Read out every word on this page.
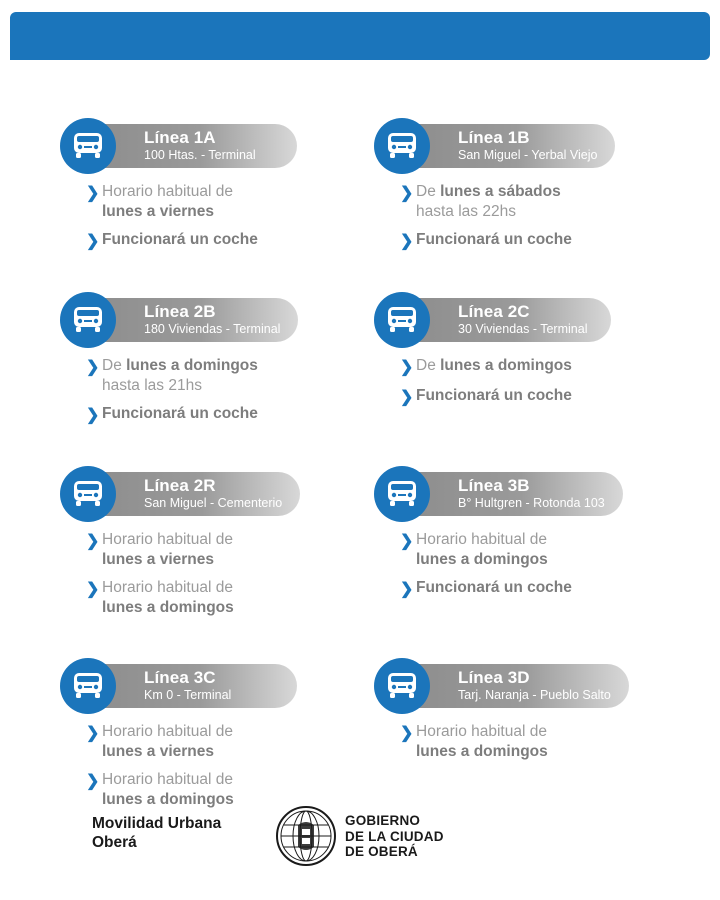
Línea 1A
100 Htas. - Terminal
❯ Horario habitual de
lunes a viernes
❯ Funcionará un coche
Línea 1B
San Miguel - Yerbal Viejo
❯ De lunes a sábados
hasta las 22hs
❯ Funcionará un coche
Línea 2B
180 Viviendas - Terminal
❯ De lunes a domingos
hasta las 21hs
❯ Funcionará un coche
Línea 2C
30 Viviendas - Terminal
❯ De lunes a domingos
❯ Funcionará un coche
Línea 2R
San Miguel - Cementerio
❯ Horario habitual de
lunes a viernes
❯ Horario habitual de
lunes a domingos
Línea 3B
B° Hultgren - Rotonda 103
❯ Horario habitual de
lunes a domingos
❯ Funcionará un coche
Línea 3C
Km 0 - Terminal
❯ Horario habitual de
lunes a viernes
❯ Horario habitual de
lunes a domingos
Línea 3D
Tarj. Naranja - Pueblo Salto
❯ Horario habitual de
lunes a domingos
Movilidad Urbana
Oberá
GOBIERNO
DE LA CIUDAD
DE OBERÁ
